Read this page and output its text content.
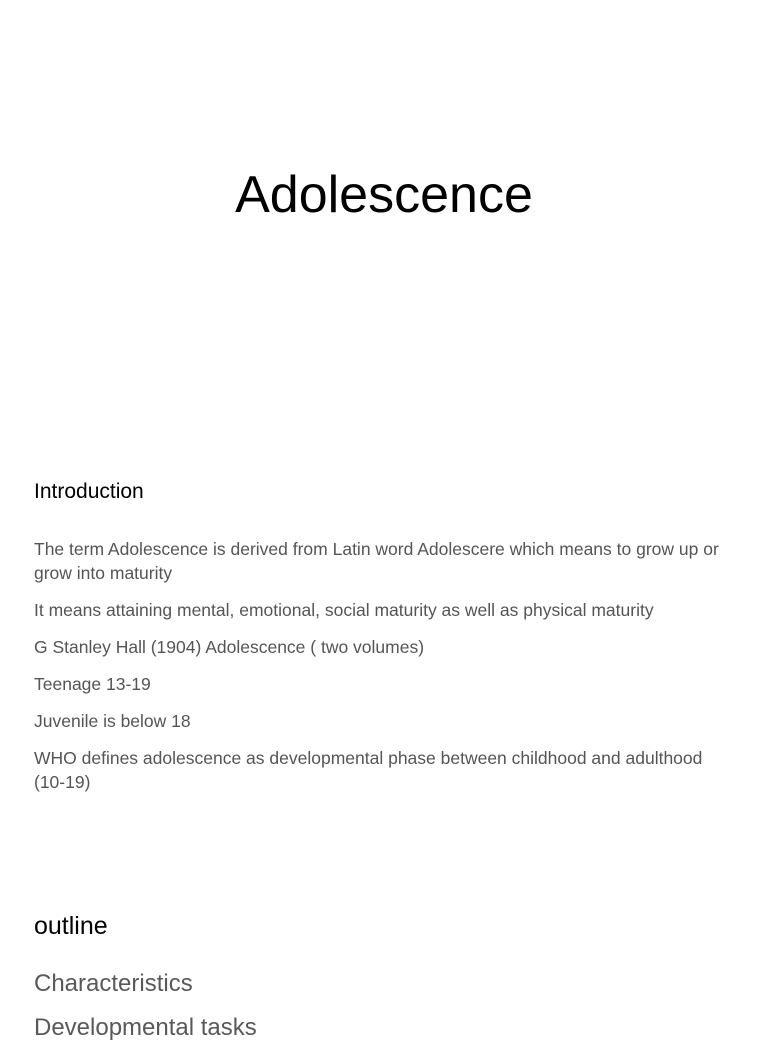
Adolescence
Introduction
The term Adolescence is derived from Latin word Adolescere which means to grow up or grow into maturity
It means attaining mental, emotional, social maturity as well as physical maturity
G Stanley Hall (1904) Adolescence ( two volumes)
Teenage 13-19
Juvenile is below 18
WHO defines adolescence as developmental phase between childhood and adulthood (10-19)
outline
Characteristics
Developmental tasks
